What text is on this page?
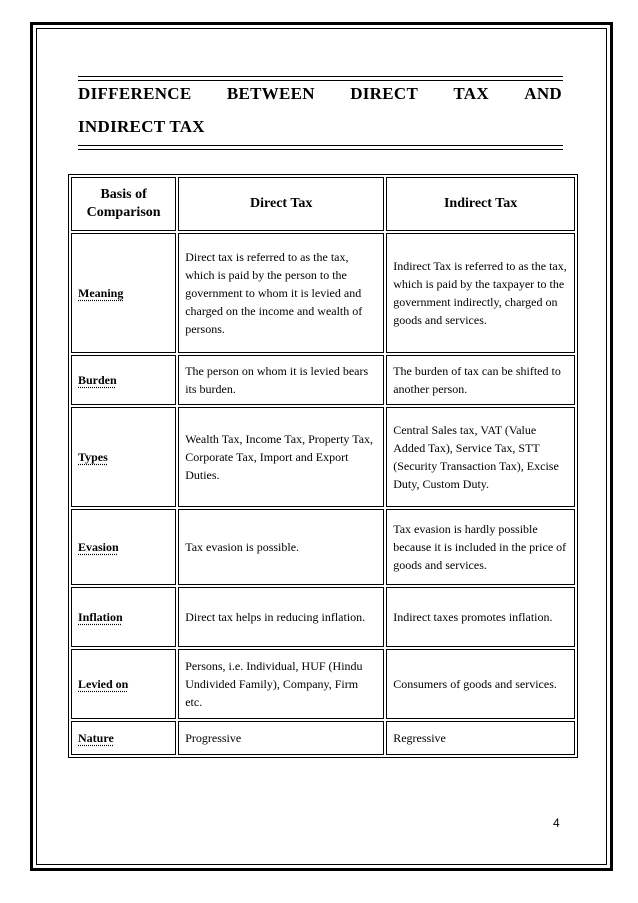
DIFFERENCE BETWEEN DIRECT TAX AND
INDIRECT TAX
Basis of Comparison	Direct Tax	Indirect Tax
Meaning	Direct tax is referred to as the tax, which is paid by the person to the government to whom it is levied and charged on the income and wealth of persons.	Indirect Tax is referred to as the tax, which is paid by the taxpayer to the government indirectly, charged on goods and services.
Burden	The person on whom it is levied bears its burden.	The burden of tax can be shifted to another person.
Types	Wealth Tax, Income Tax, Property Tax, Corporate Tax, Import and Export Duties.	Central Sales tax, VAT (Value Added Tax), Service Tax, STT (Security Transaction Tax), Excise Duty, Custom Duty.
Evasion	Tax evasion is possible.	Tax evasion is hardly possible because it is included in the price of goods and services.
Inflation	Direct tax helps in reducing inflation.	Indirect taxes promotes inflation.
Levied on	Persons, i.e. Individual, HUF (Hindu Undivided Family), Company, Firm etc.	Consumers of goods and services.
Nature	Progressive	Regressive
4
